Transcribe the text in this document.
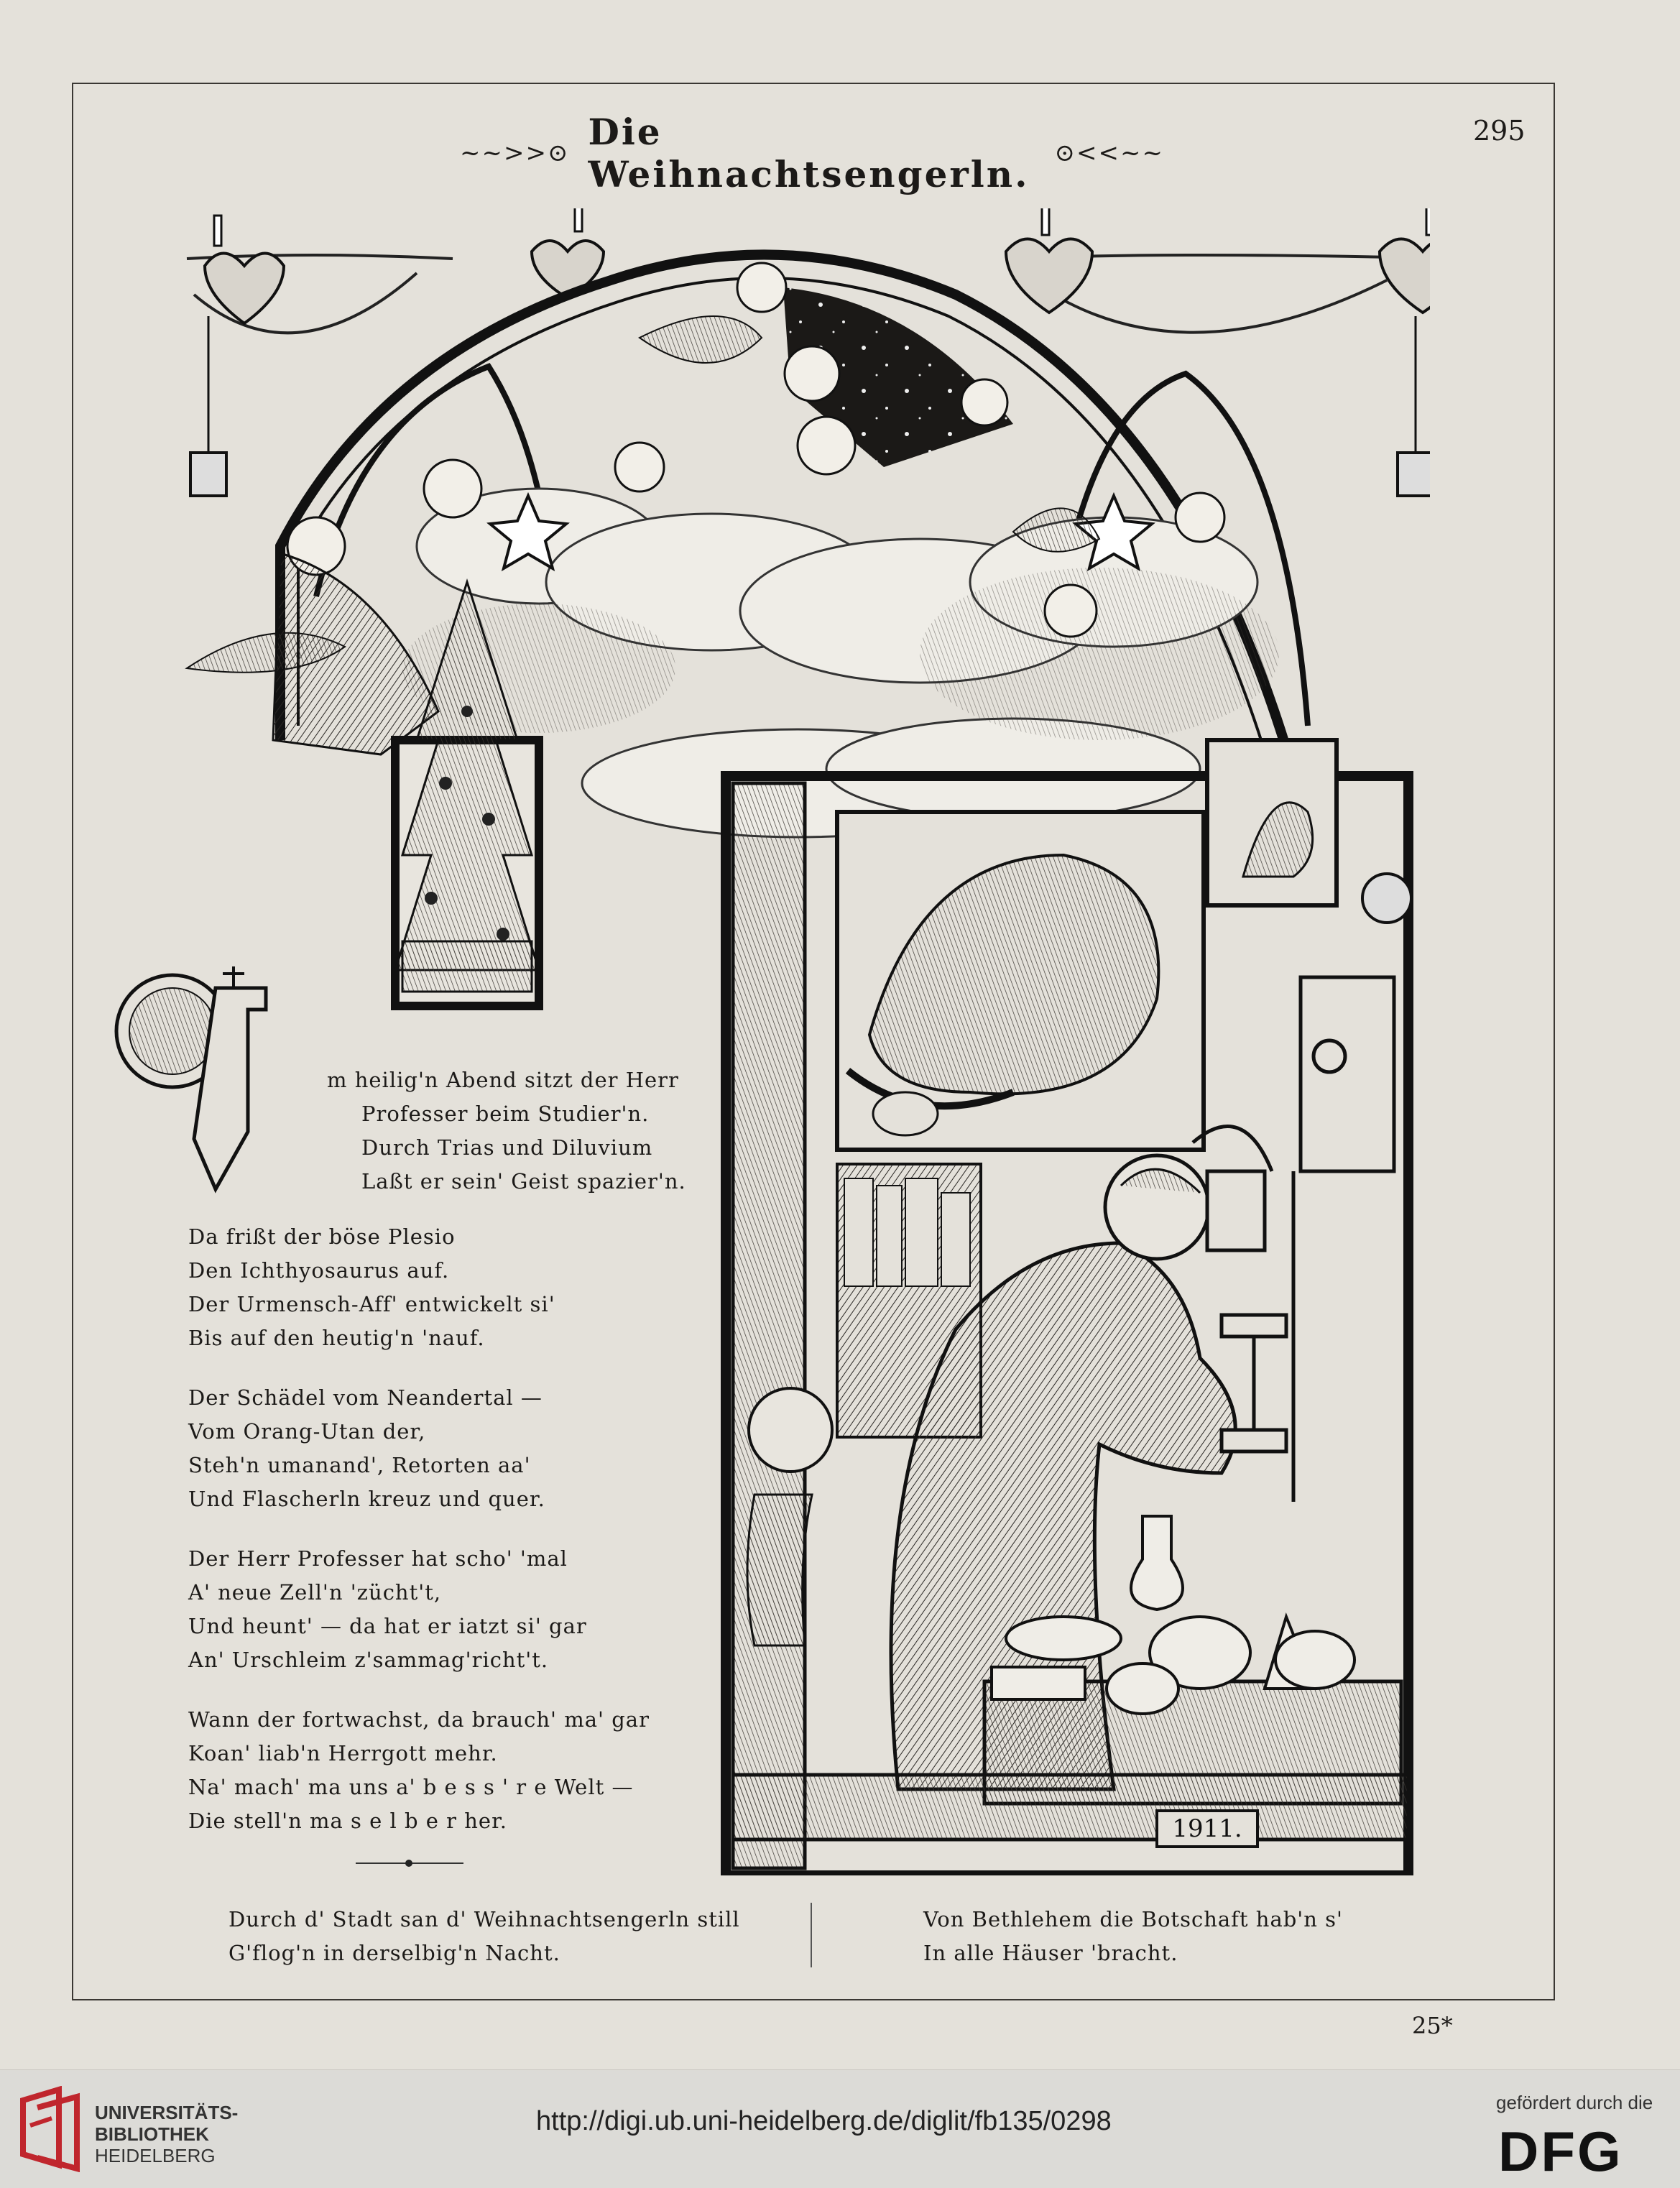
~~>>⊙ Die Weihnachtsengerln. ⊙<<~~
295
1911.
m heilig'n Abend sitzt der Herr
Professer beim Studier'n.
Durch Trias und Diluvium
Laßt er sein' Geist spazier'n.
Da frißt der böse Plesio
Den Ichthyosaurus auf.
Der Urmensch-Aff' entwickelt si'
Bis auf den heutig'n 'nauf.
Der Schädel vom Neandertal —
Vom Orang-Utan der,
Steh'n umanand', Retorten aa'
Und Flascherln kreuz und quer.
Der Herr Professer hat scho' 'mal
A' neue Zell'n 'zücht't,
Und heunt' — da hat er iatzt si' gar
An' Urschleim z'sammag'richt't.
Wann der fortwachst, da brauch' ma' gar
Koan' liab'n Herrgott mehr.
Na' mach' ma uns a' b e s s ' r e Welt —
Die stell'n ma s e l b e r her.
Durch d' Stadt san d' Weihnachtsengerln still
G'flog'n in derselbig'n Nacht.
Von Bethlehem die Botschaft hab'n s'
In alle Häuser 'bracht.
25*
UNIVERSITÄTS-
BIBLIOTHEK
HEIDELBERG
http://digi.ub.uni-heidelberg.de/diglit/fb135/0298
gefördert durch die
DFG
